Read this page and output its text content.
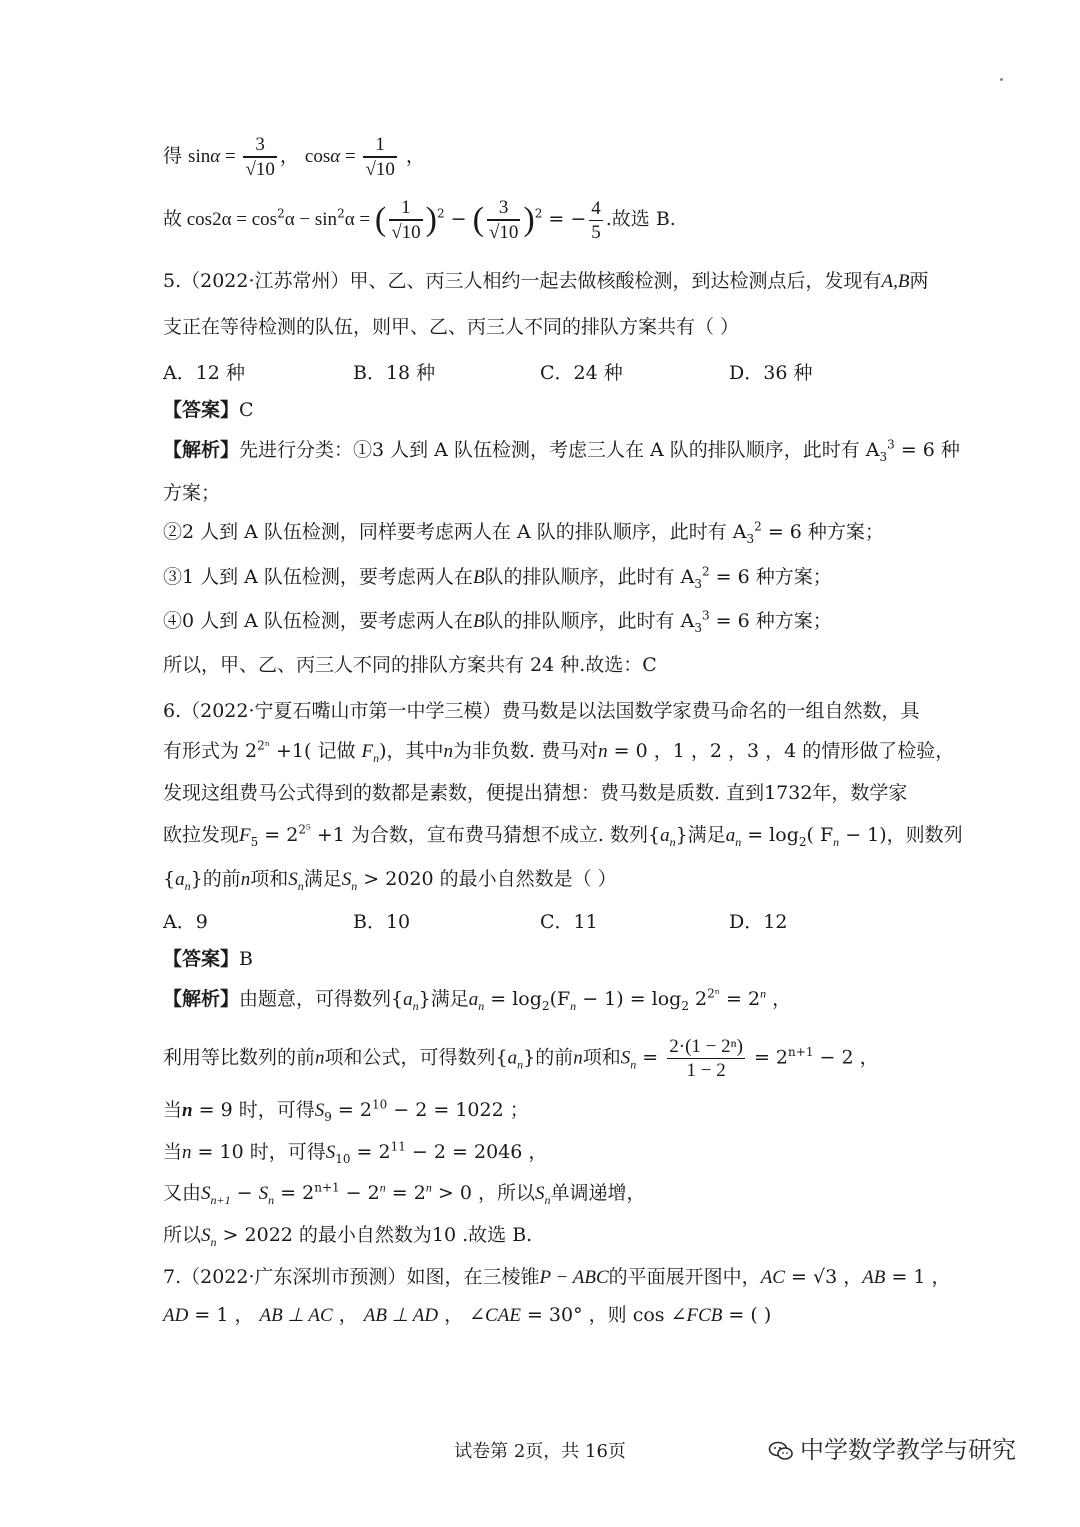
得 $\sin\alpha = \frac{3}{√10}$ ， $\cos\alpha = \frac{1}{√10}$ ，
故 $\cos 2\alpha = \cos^2\alpha - \sin^2\alpha$ = ( $\frac{1}{√10} )^2$ − ( $\frac{3}{√10} )^2$ = − $\frac{4}{5}$ .故选 B.
5.（2022·江苏常州）甲、乙、丙三人相约一起去做核酸检测，到达检测点后，发现有A,B两
支正在等待检测的队伍，则甲、乙、丙三人不同的排队方案共有（ ）
A．12 种	B．18 种	C．24 种	D．36 种
【答案】C
【解析】先进行分类：①3 人到 A 队伍检测，考虑三人在 A 队的排队顺序，此时有 $A_3^3 = 6$ 种
方案；
②2 人到 A 队伍检测，同样要考虑两人在 A 队的排队顺序，此时有 $A_3^2 = 6$ 种方案；
③1 人到 A 队伍检测，要考虑两人在B队的排队顺序，此时有 $A_3^2 = 6$ 种方案；
④0 人到 A 队伍检测，要考虑两人在B队的排队顺序，此时有 $A_3^3 = 6$ 种方案；
所以，甲、乙、丙三人不同的排队方案共有 24 种.故选：C
6.（2022·宁夏石嘴山市第一中学三模）费马数是以法国数学家费马命名的一组自然数，具
有形式为 $2^{2^n} +1$( 记做 $F_n$)，其中n为非负数. 费马对n = 0 ，1 ，2 ，3 ，4 的情形做了检验，
发现这组费马公式得到的数都是素数，便提出猜想：费马数是质数. 直到1732年，数学家
欧拉发现$F_5 = 2^{2^5} +1$ 为合数，宣布费马猜想不成立. 数列$\{a_n\}$满足$a_n = \log_2$( $F_n - 1$)，则数列
$\{a_n\}$的前n项和$S_n$满足$S_n > 2020$ 的最小自然数是（ ）
A．9	B．10	C．11	D．12
【答案】B
【解析】由题意，可得数列$\{a_n\}$满足$a_n = \log_2(F_n - 1) = \log_2 2^{2^n} = 2^n$ ，
利用等比数列的前n项和公式，可得数列$\{a_n\}$的前n项和$S_n = \frac{\text{2·(1 − 2ⁿ)}}{1 - 2} = 2^{n+1} - 2$ ，
当n = 9 时，可得$S_9 = 2^{10} - 2 = 1022$ ；
当n = 10 时，可得$S_{10} = 2^{11} - 2 = 2046$ ，
又由$S_{n+1} - S_n = 2^{n+1} - 2^n = 2^n > 0$ ，所以$S_n$单调递增，
所以$S_n > 2022$ 的最小自然数为10 .故选 B.
7.（2022·广东深圳市预测）如图，在三棱锥P − ABC的平面展开图中，AC = √3 ，AB = 1 ，
AD = 1 ， AB ⊥ AC ， AB ⊥ AD ， ∠CAE = 30° ，则 cos ∠FCB = ( )
试卷第 2页，共 16页	中学数学教学与研究
